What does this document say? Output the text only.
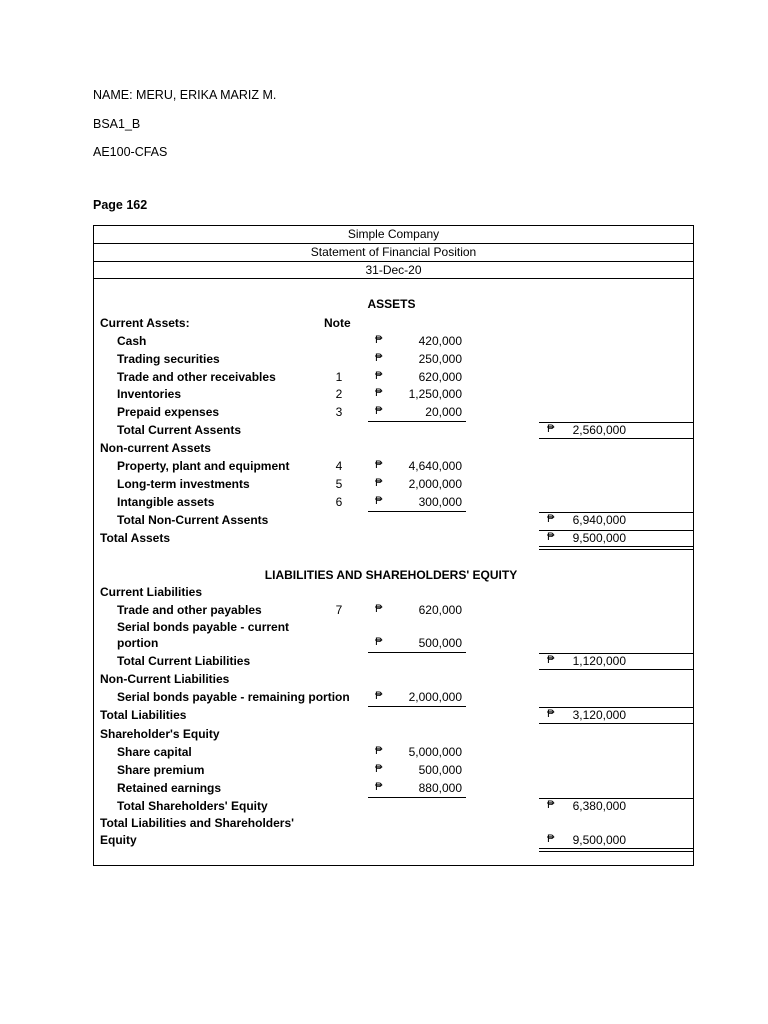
NAME: MERU, ERIKA MARIZ M.
BSA1_B
AE100-CFAS
Page 162
Simple Company
Statement of Financial Position
31-Dec-20
ASSETS
Current Assets:	Note
Cash	₱	420,000
Trading securities	₱	250,000
Trade and other receivables	1	₱	620,000
Inventories	2	₱	1,250,000
Prepaid expenses	3	₱	20,000
Total Current Assents	₱	2,560,000
Non-current Assets
Property, plant and equipment	4	₱	4,640,000
Long-term investments	5	₱	2,000,000
Intangible assets	6	₱	300,000
Total Non-Current Assents	₱	6,940,000
Total Assets	₱	9,500,000
LIABILITIES AND SHAREHOLDERS' EQUITY
Current Liabilities
Trade and other payables	7	₱	620,000
Serial bonds payable - current
portion	₱	500,000
Total Current Liabilities	₱	1,120,000
Non-Current Liabilities
Serial bonds payable - remaining portion ₱	2,000,000
Total Liabilities	₱	3,120,000
Shareholder's Equity
Share capital	₱	5,000,000
Share premium	₱	500,000
Retained earnings	₱	880,000
Total Shareholders' Equity	₱	6,380,000
Total Liabilities and Shareholders'
Equity	₱	9,500,000
